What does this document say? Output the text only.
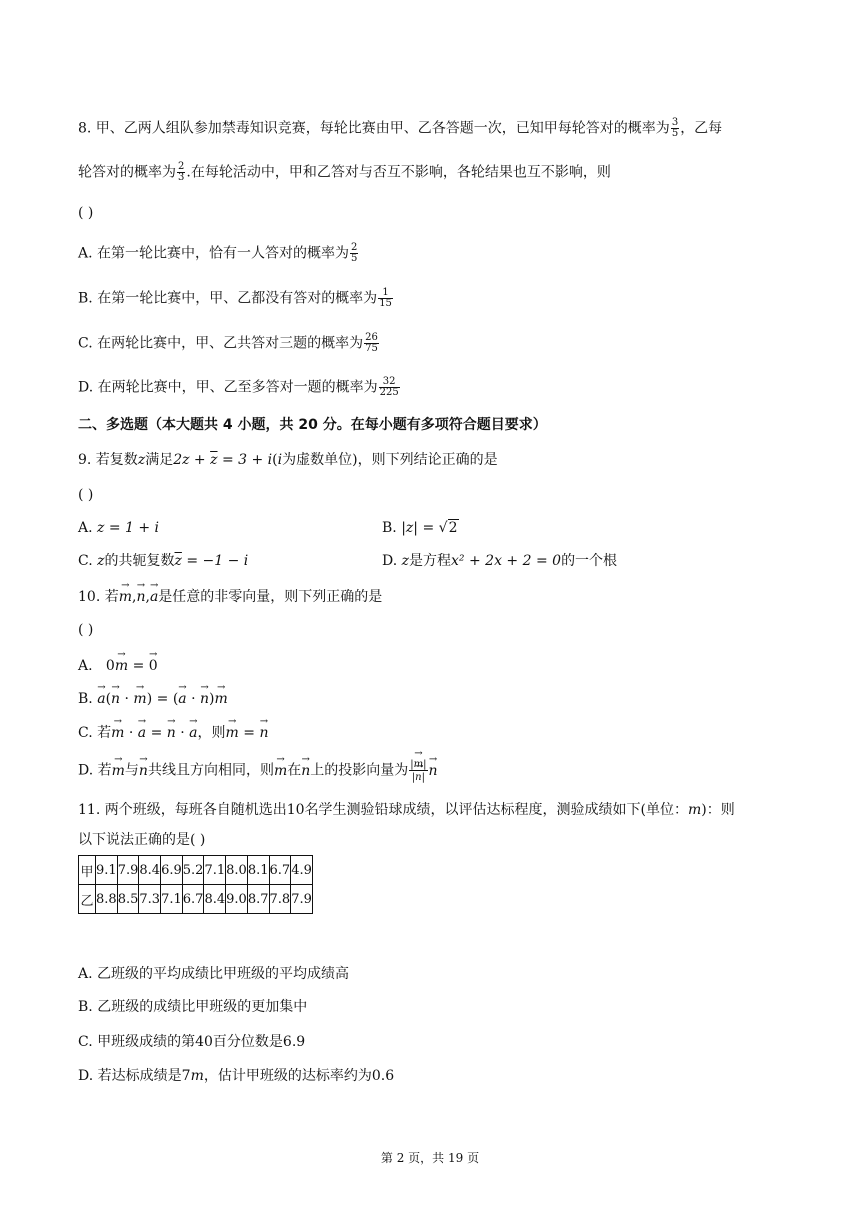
8. 甲、乙两人组队参加禁毒知识竞赛，每轮比赛由甲、乙各答题一次，已知甲每轮答对的概率为 $\frac{3}{5}$ ，乙每
轮答对的概率为 $\frac{2}{3}$ .在每轮活动中，甲和乙答对与否互不影响，各轮结果也互不影响，则
( )
A. 在第一轮比赛中，恰有一人答对的概率为 $\frac{2}{5}$
B. 在第一轮比赛中，甲、乙都没有答对的概率为 $\frac{1}{15}$
C. 在两轮比赛中，甲、乙共答对三题的概率为 $\frac{26}{75}$
D. 在两轮比赛中，甲、乙至多答对一题的概率为 $\frac{32}{225}$
二、多选题（本大题共 4 小题，共 20 分。在每小题有多项符合题目要求）
9. 若复数z满足$2z + \overline{z} = 3 + i(i$为虚数单位)，则下列结论正确的是
( )
A. z = 1 + i	B. |z| = √2
C. z的共轭复数$\overline{z} = -1 - i$	D. z是方程x² + 2x + 2 = 0的一个根
10. 若→ m,→ n,→ a是任意的非零向量，则下列正确的是
( )
A. 0→ m = → 0
B. → a(→ n · → m) = (→ a · → n)→ m
C. 若→ m · → a = → n · → a，则→ m = → n
D. 若→ m与→ n共线且方向相同，则→ m在→ n上的投影向量为 $\frac{|\to m|}{|\to n|} \to n$
11. 两个班级，每班各自随机选出10名学生测验铅球成绩，以评估达标程度，测验成绩如下(单位：m)：则
以下说法正确的是( )
甲	9.1	7.9	8.4	6.9	5.2	7.1	8.0	8.1	6.7	4.9
乙	8.8	8.5	7.3	7.1	6.7	8.4	9.0	8.7	7.8	7.9
A. 乙班级的平均成绩比甲班级的平均成绩高
B. 乙班级的成绩比甲班级的更加集中
C. 甲班级成绩的第40百分位数是6.9
D. 若达标成绩是7m，估计甲班级的达标率约为0.6
第 2 页，共 19 页
